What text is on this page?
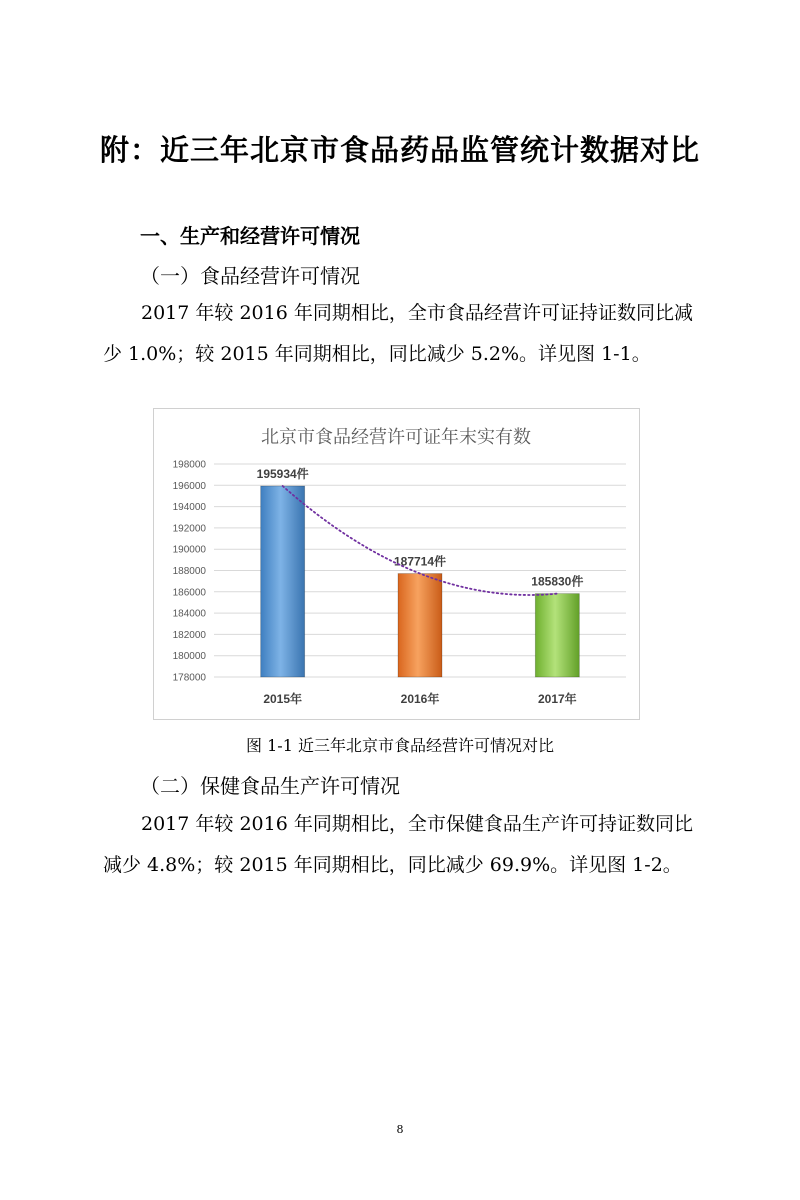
附：近三年北京市食品药品监管统计数据对比
一、生产和经营许可情况
（一）食品经营许可情况
2017 年较 2016 年同期相比，全市食品经营许可证持证数同比减少 1.0%；较 2015 年同期相比，同比减少 5.2%。详见图 1-1。
北京市食品经营许可证年末实有数
178000
180000
182000
184000
186000
188000
190000
192000
194000
196000
198000
195934件
2015年
187714件
2016年
185830件
2017年
图 1-1 近三年北京市食品经营许可情况对比
（二）保健食品生产许可情况
2017 年较 2016 年同期相比，全市保健食品生产许可持证数同比减少 4.8%；较 2015 年同期相比，同比减少 69.9%。详见图 1-2。
8
